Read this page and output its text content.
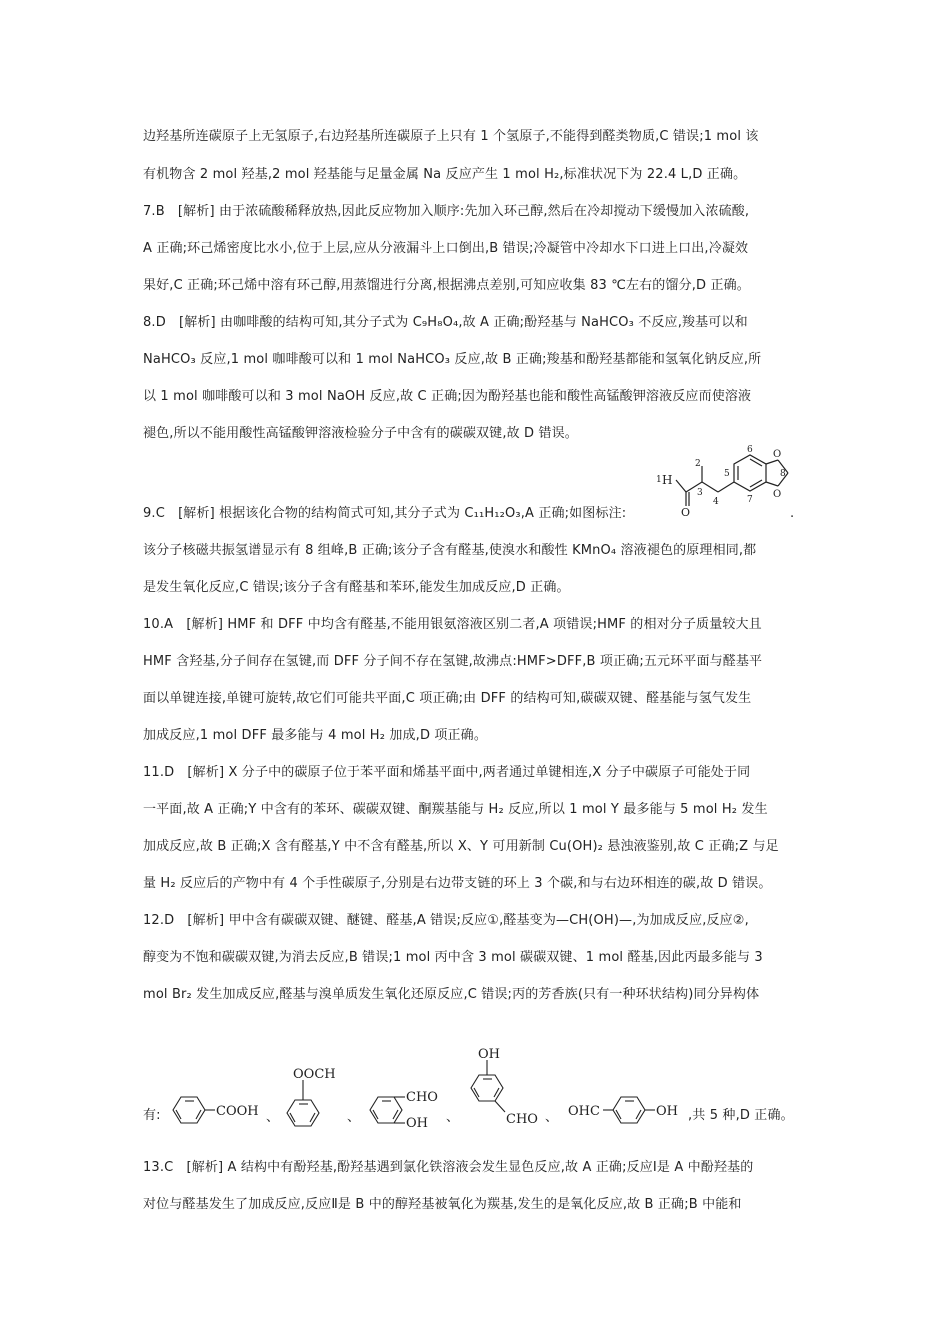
边羟基所连碳原子上无氢原子,右边羟基所连碳原子上只有 1 个氢原子,不能得到醛类物质,C 错误;1 mol 该
有机物含 2 mol 羟基,2 mol 羟基能与足量金属 Na 反应产生 1 mol H₂,标准状况下为 22.4 L,D 正确。
7.B　[解析] 由于浓硫酸稀释放热,因此反应物加入顺序:先加入环己醇,然后在冷却搅动下缓慢加入浓硫酸,
A 正确;环己烯密度比水小,位于上层,应从分液漏斗上口倒出,B 错误;冷凝管中冷却水下口进上口出,冷凝效
果好,C 正确;环己烯中溶有环己醇,用蒸馏进行分离,根据沸点差别,可知应收集 83 ℃左右的馏分,D 正确。
8.D　[解析] 由咖啡酸的结构可知,其分子式为 C₉H₈O₄,故 A 正确;酚羟基与 NaHCO₃ 不反应,羧基可以和
NaHCO₃ 反应,1 mol 咖啡酸可以和 1 mol NaHCO₃ 反应,故 B 正确;羧基和酚羟基都能和氢氧化钠反应,所
以 1 mol 咖啡酸可以和 3 mol NaOH 反应,故 C 正确;因为酚羟基也能和酸性高锰酸钾溶液反应而使溶液
褪色,所以不能用酸性高锰酸钾溶液检验分子中含有的碳碳双键,故 D 错误。
9.C　[解析] 根据该化合物的结构简式可知,其分子式为 C₁₁H₁₂O₃,A 正确;如图标注:
1 H
2
3
O
4
5
6
7
8
O
O
.
该分子核磁共振氢谱显示有 8 组峰,B 正确;该分子含有醛基,使溴水和酸性 KMnO₄ 溶液褪色的原理相同,都
是发生氧化反应,C 错误;该分子含有醛基和苯环,能发生加成反应,D 正确。
10.A　[解析] HMF 和 DFF 中均含有醛基,不能用银氨溶液区别二者,A 项错误;HMF 的相对分子质量较大且
HMF 含羟基,分子间存在氢键,而 DFF 分子间不存在氢键,故沸点:HMF>DFF,B 项正确;五元环平面与醛基平
面以单键连接,单键可旋转,故它们可能共平面,C 项正确;由 DFF 的结构可知,碳碳双键、醛基能与氢气发生
加成反应,1 mol DFF 最多能与 4 mol H₂ 加成,D 项正确。
11.D　[解析] X 分子中的碳原子位于苯平面和烯基平面中,两者通过单键相连,X 分子中碳原子可能处于同
一平面,故 A 正确;Y 中含有的苯环、碳碳双键、酮羰基能与 H₂ 反应,所以 1 mol Y 最多能与 5 mol H₂ 发生
加成反应,故 B 正确;X 含有醛基,Y 中不含有醛基,所以 X、Y 可用新制 Cu(OH)₂ 悬浊液鉴别,故 C 正确;Z 与足
量 H₂ 反应后的产物中有 4 个手性碳原子,分别是右边带支链的环上 3 个碳,和与右边环相连的碳,故 D 错误。
12.D　[解析] 甲中含有碳碳双键、醚键、醛基,A 错误;反应①,醛基变为—CH(OH)—,为加成反应,反应②,
醇变为不饱和碳碳双键,为消去反应,B 错误;1 mol 丙中含 3 mol 碳碳双键、1 mol 醛基,因此丙最多能与 3
mol Br₂ 发生加成反应,醛基与溴单质发生氧化还原反应,C 错误;丙的芳香族(只有一种环状结构)同分异构体
有:	COOH
OOCH
CHO
OH
OH
CHO
OHC	OH
、	、	、	、	,共 5 种,D 正确。
13.C　[解析] A 结构中有酚羟基,酚羟基遇到氯化铁溶液会发生显色反应,故 A 正确;反应Ⅰ是 A 中酚羟基的
对位与醛基发生了加成反应,反应Ⅱ是 B 中的醇羟基被氧化为羰基,发生的是氧化反应,故 B 正确;B 中能和
